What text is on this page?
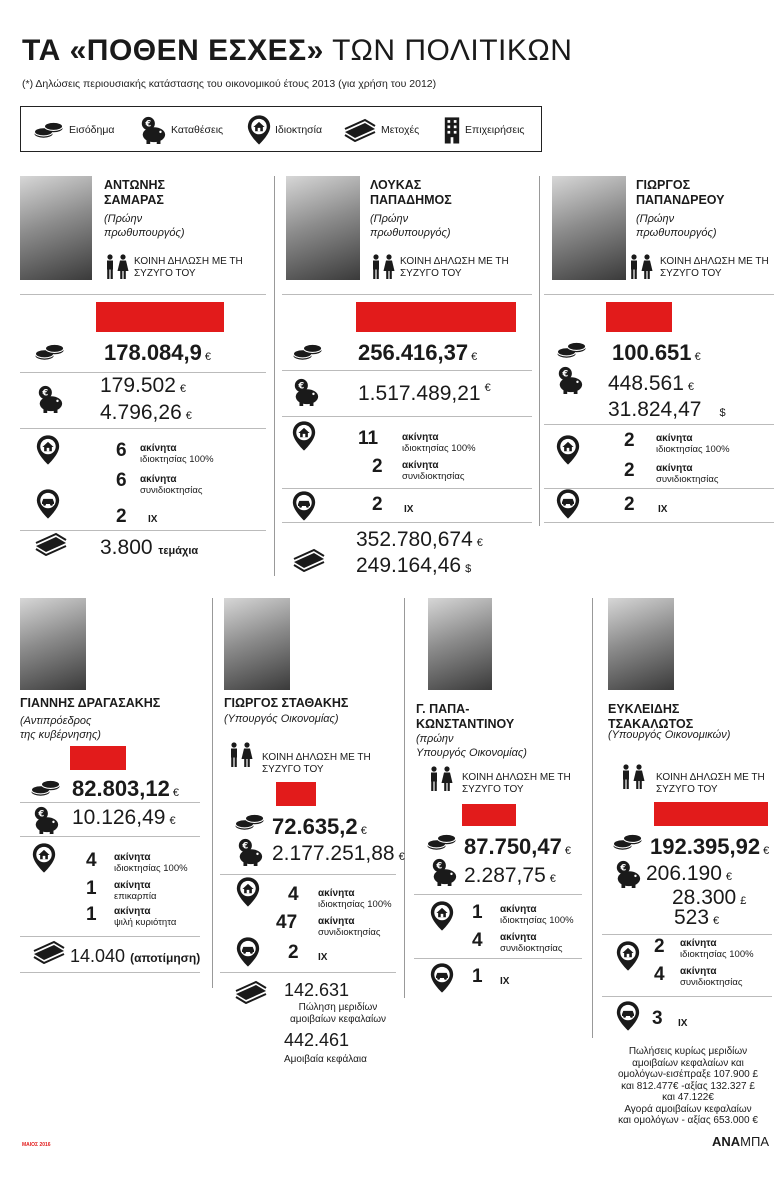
ΤΑ «ΠΟΘΕΝ ΕΣΧΕΣ» ΤΩΝ ΠΟΛΙΤΙΚΩΝ
(*) Δηλώσεις περιουσιακής κατάστασης του οικονομικού έτους 2013 (για χρήση του 2012)
Εισόδημα	Καταθέσεις	Ιδιοκτησία	Μετοχές	Επιχειρήσεις
ΑΝΤΩΝΗΣ
ΣΑΜΑΡΑΣ
(Πρώην
πρωθυπουργός)
ΚΟΙΝΗ ΔΗΛΩΣΗ ΜΕ ΤΗ ΣΥΖΥΓΟ ΤΟΥ
178.084,9 €
179.502 €
4.796,26 €
6 ακίνητα
ιδιοκτησίας 100%
6 ακίνητα
συνιδιοκτησίας
2 ΙΧ
3.800 τεμάχια
ΛΟΥΚΑΣ
ΠΑΠΑΔΗΜΟΣ
(Πρώην
πρωθυπουργός)
ΚΟΙΝΗ ΔΗΛΩΣΗ ΜΕ ΤΗ ΣΥΖΥΓΟ ΤΟΥ
256.416,37 €
1.517.489,21 €
11 ακίνητα
ιδιοκτησίας 100%
2 ακίνητα
συνιδιοκτησίας
2 ΙΧ
352.780,674 €
249.164,46 $
ΓΙΩΡΓΟΣ
ΠΑΠΑΝΔΡΕΟΥ
(Πρώην
πρωθυπουργός)
ΚΟΙΝΗ ΔΗΛΩΣΗ ΜΕ ΤΗ ΣΥΖΥΓΟ ΤΟΥ
100.651 €
448.561 €
31.824,47 $
2 ακίνητα
ιδιοκτησίας 100%
2 ακίνητα
συνιδιοκτησίας
2 ΙΧ
ΓΙΑΝΝΗΣ ΔΡΑΓΑΣΑΚΗΣ
(Αντιπρόεδρος
της κυβέρνησης)
82.803,12 €
10.126,49 €
4 ακίνητα
ιδιοκτησίας 100%
1 ακίνητα
επικαρπία
1 ακίνητα
ψιλή κυριότητα
14.040 (αποτίμηση)
ΓΙΩΡΓΟΣ ΣΤΑΘΑΚΗΣ
(Υπουργός Οικονομίας)
ΚΟΙΝΗ ΔΗΛΩΣΗ ΜΕ ΤΗ ΣΥΖΥΓΟ ΤΟΥ
72.635,2 €
2.177.251,88 €
4 ακίνητα
ιδιοκτησίας 100%
47 ακίνητα
συνιδιοκτησίας
2 ΙΧ
142.631
Πώληση μεριδίων
αμοιβαίων κεφαλαίων
442.461
Αμοιβαία κεφάλαια
Γ. ΠΑΠΑ-
ΚΩΝΣΤΑΝΤΙΝΟΥ
(πρώην
Υπουργός Οικονομίας)
ΚΟΙΝΗ ΔΗΛΩΣΗ ΜΕ ΤΗ ΣΥΖΥΓΟ ΤΟΥ
87.750,47 €
2.287,75 €
1 ακίνητα
ιδιοκτησίας 100%
4 ακίνητα
συνιδιοκτησίας
1 ΙΧ
ΕΥΚΛΕΙΔΗΣ
ΤΣΑΚΑΛΩΤΟΣ
(Υπουργός Οικονομικών)
ΚΟΙΝΗ ΔΗΛΩΣΗ ΜΕ ΤΗ ΣΥΖΥΓΟ ΤΟΥ
192.395,92 €
206.190 €
28.300 £
523 €
2 ακίνητα
ιδιοκτησίας 100%
4 ακίνητα
συνιδιοκτησίας
3 ΙΧ
Πωλήσεις κυρίως μεριδίων
αμοιβαίων κεφαλαίων και
ομολόγων-εισέπραξε 107.900 £
και 812.477€ -αξίας 132.327 £
και 47.122€
Αγορά αμοιβαίων κεφαλαίων
και ομολόγων - αξίας 653.000 €
ΜΑΙΟΣ 2016	ΑΝΑΜΠΑ
